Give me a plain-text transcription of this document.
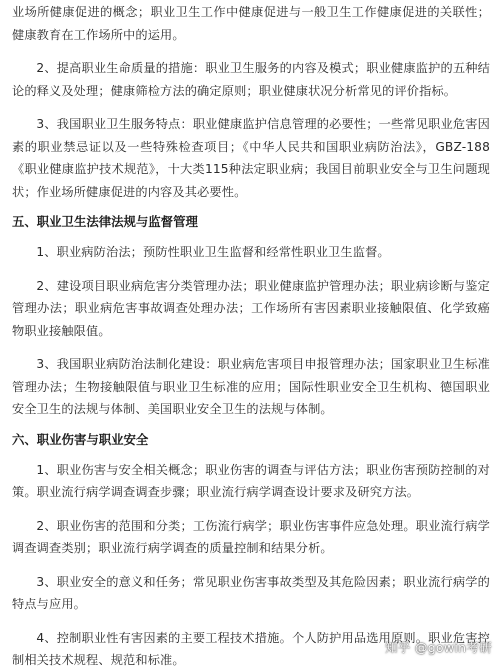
业场所健康促进的概念；职业卫生工作中健康促进与一般卫生工作健康促进的关联性；健康教育在工作场所中的运用。

2、提高职业生命质量的措施：职业卫生服务的内容及模式；职业健康监护的五种结论的释义及处理；健康筛检方法的确定原则；职业健康状况分析常见的评价指标。

3、我国职业卫生服务特点：职业健康监护信息管理的必要性；一些常见职业危害因素的职业禁忌证以及一些特殊检查项目；《中华人民共和国职业病防治法》，GBZ-188《职业健康监护技术规范》，十大类115种法定职业病；我国目前职业安全与卫生问题现状；作业场所健康促进的内容及其必要性。

五、职业卫生法律法规与监督管理

1、职业病防治法；预防性职业卫生监督和经常性职业卫生监督。

2、建设项目职业病危害分类管理办法；职业健康监护管理办法；职业病诊断与鉴定管理办法；职业病危害事故调查处理办法；工作场所有害因素职业接触限值、化学致癌物职业接触限值。

3、我国职业病防治法制化建设：职业病危害项目申报管理办法；国家职业卫生标准管理办法；生物接触限值与职业卫生标准的应用；国际性职业安全卫生机构、德国职业安全卫生的法规与体制、美国职业安全卫生的法规与体制。

六、职业伤害与职业安全

1、职业伤害与安全相关概念；职业伤害的调查与评估方法；职业伤害预防控制的对策。职业流行病学调查调查步骤；职业流行病学调查设计要求及研究方法。

2、职业伤害的范围和分类；工伤流行病学；职业伤害事件应急处理。职业流行病学调查调查类别；职业流行病学调查的质量控制和结果分析。

3、职业安全的意义和任务；常见职业伤害事故类型及其危险因素；职业流行病学的特点与应用。

4、控制职业性有害因素的主要工程技术措施。个人防护用品选用原则。职业危害控制相关技术规程、规范和标准。

知乎 @gowin考研
